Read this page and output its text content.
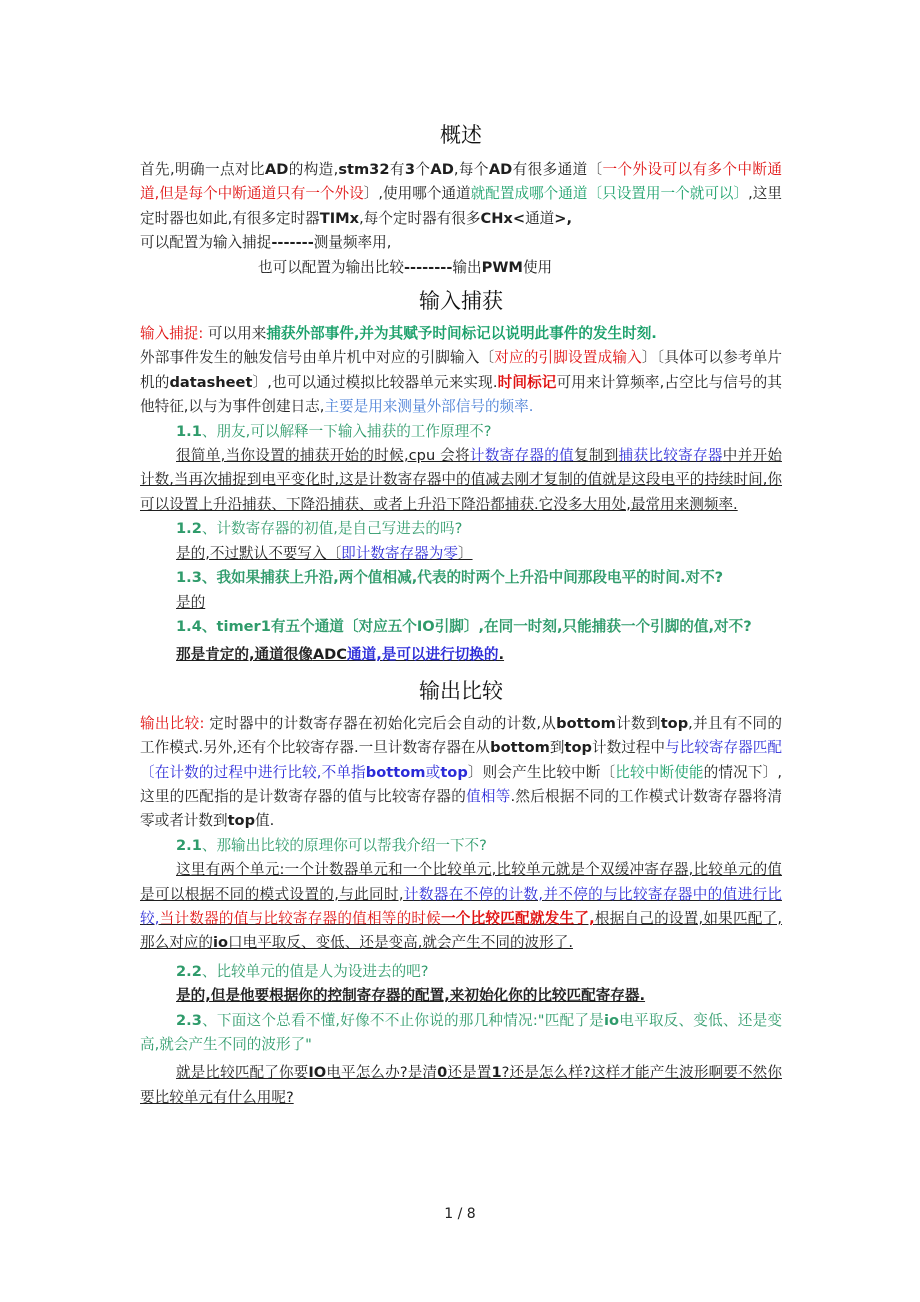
概述

首先,明确一点对比AD的构造,stm32有3个AD,每个AD有很多通道〔一个外设可以有多个中断通道,但是每个中断通道只有一个外设〕,使用哪个通道就配置成哪个通道〔只设置用一个就可以〕,这里定时器也如此,有很多定时器TIMx,每个定时器有很多CHx<通道>,
可以配置为输入捕捉-------测量频率用,

也可以配置为输出比较--------输出PWM使用

输入捕获

输入捕捉: 可以用来捕获外部事件,并为其赋予时间标记以说明此事件的发生时刻.
外部事件发生的触发信号由单片机中对应的引脚输入〔对应的引脚设置成输入〕〔具体可以参考单片机的datasheet〕,也可以通过模拟比较器单元来实现.时间标记可用来计算频率,占空比与信号的其他特征,以与为事件创建日志,主要是用来测量外部信号的频率.

1.1、朋友,可以解释一下输入捕获的工作原理不?

很简单,当你设置的捕获开始的时候,cpu 会将计数寄存器的值复制到捕获比较寄存器中并开始计数,当再次捕捉到电平变化时,这是计数寄存器中的值减去刚才复制的值就是这段电平的持续时间,你可以设置上升沿捕获、下降沿捕获、或者上升沿下降沿都捕获.它没多大用处,最常用来测频率.

1.2、计数寄存器的初值,是自己写进去的吗?

是的,不过默认不要写入〔即计数寄存器为零〕

1.3、我如果捕获上升沿,两个值相减,代表的时两个上升沿中间那段电平的时间.对不?

是的

1.4、timer1有五个通道〔对应五个IO引脚〕,在同一时刻,只能捕获一个引脚的值,对不?

那是肯定的,通道很像ADC通道,是可以进行切换的.

输出比较

输出比较: 定时器中的计数寄存器在初始化完后会自动的计数,从bottom计数到top,并且有不同的工作模式.另外,还有个比较寄存器.一旦计数寄存器在从bottom到top计数过程中与比较寄存器匹配〔在计数的过程中进行比较,不单指bottom或top〕则会产生比较中断〔比较中断使能的情况下〕,这里的匹配指的是计数寄存器的值与比较寄存器的值相等.然后根据不同的工作模式计数寄存器将清零或者计数到top值.

2.1、那输出比较的原理你可以帮我介绍一下不?

这里有两个单元:一个计数器单元和一个比较单元,比较单元就是个双缓冲寄存器,比较单元的值是可以根据不同的模式设置的,与此同时,计数器在不停的计数,并不停的与比较寄存器中的值进行比较,当计数器的值与比较寄存器的值相等的时候一个比较匹配就发生了,根据自己的设置,如果匹配了,那么对应的io口电平取反、变低、还是变高,就会产生不同的波形了.

2.2、比较单元的值是人为设进去的吧?

是的,但是他要根据你的控制寄存器的配置,来初始化你的比较匹配寄存器.

2.3、下面这个总看不懂,好像不不止你说的那几种情况:"匹配了是io电平取反、变低、还是变高,就会产生不同的波形了"

就是比较匹配了你要IO电平怎么办?是清0还是置1?还是怎么样?这样才能产生波形啊要不然你要比较单元有什么用呢?

1 / 8
